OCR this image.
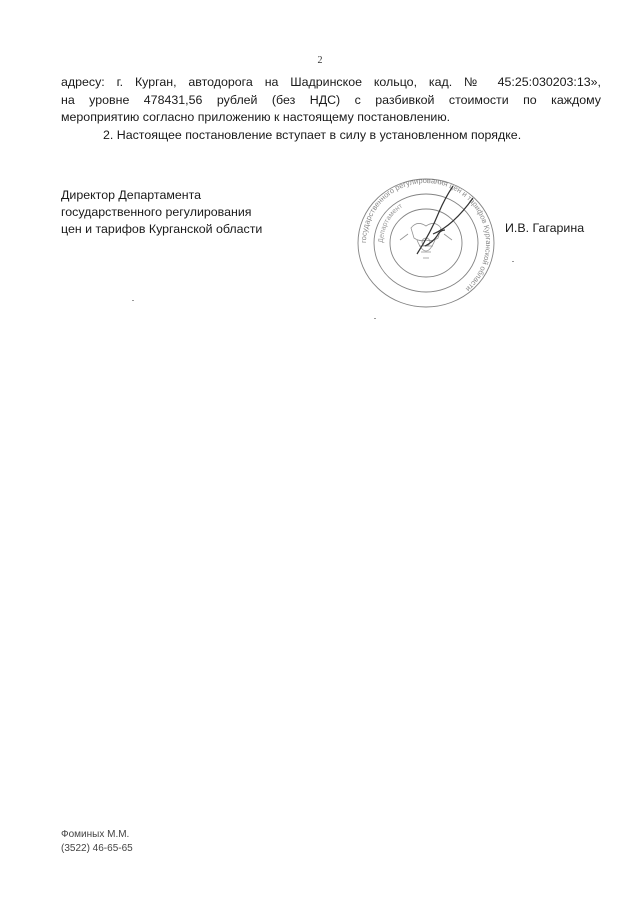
2
адресу: г. Курган, автодорога на Шадринское кольцо, кад. № 45:25:030203:13»,
на уровне 478431,56 рублей (без НДС) с разбивкой стоимости по каждому
мероприятию согласно приложению к настоящему постановлению.
2. Настоящее постановление вступает в силу в установленном порядке.
Директор Департамента
государственного регулирования
цен и тарифов Курганской области
государственного регулирования цен и тарифов Курганской области
Департамент
И.В. Гагарина
Фоминых М.М.
(3522) 46-65-65
